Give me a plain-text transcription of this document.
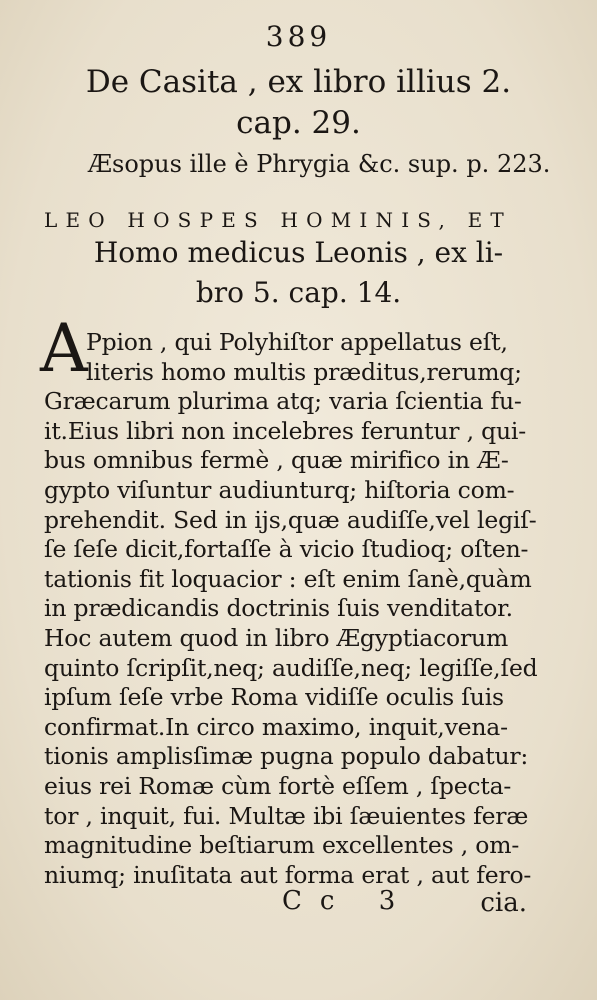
389
De Casita , ex libro illius 2.
cap. 29.
Æsopus ille è Phrygia &c. sup. p. 223.
LEO HOSPES HOMINIS, ET
Homo medicus Leonis , ex li-
bro 5. cap. 14.
A
Ppion , qui Polyhiſtor appellatus eſt,
literis homo multis præditus,rerumq;
Græcarum plurima atq; varia ſcientia fu-
it.Eius libri non incelebres feruntur , qui-
bus omnibus fermè , quæ mirifico in Æ-
gypto viſuntur audiunturq; hiſtoria com-
prehendit. Sed in ijs,quæ audiſſe,vel legiſ-
ſe ſeſe dicit,fortaſſe à vicio ſtudioq; oſten-
tationis fit loquacior : eſt enim ſanè,quàm
in prædicandis doctrinis ſuis venditator.
Hoc autem quod in libro Ægyptiacorum
quinto ſcripſit,neq; audiſſe,neq; legiſſe,ſed
ipſum ſeſe vrbe Roma vidiſſe oculis ſuis
confirmat.In circo maximo, inquit,vena-
tionis amplisſimæ pugna populo dabatur:
eius rei Romæ cùm fortè eſſem , ſpecta-
tor , inquit, fui. Multæ ibi ſæuientes feræ
magnitudine beſtiarum excellentes , om-
niumq; inuſitata aut forma erat , aut fero-
Cc 3	cia.
